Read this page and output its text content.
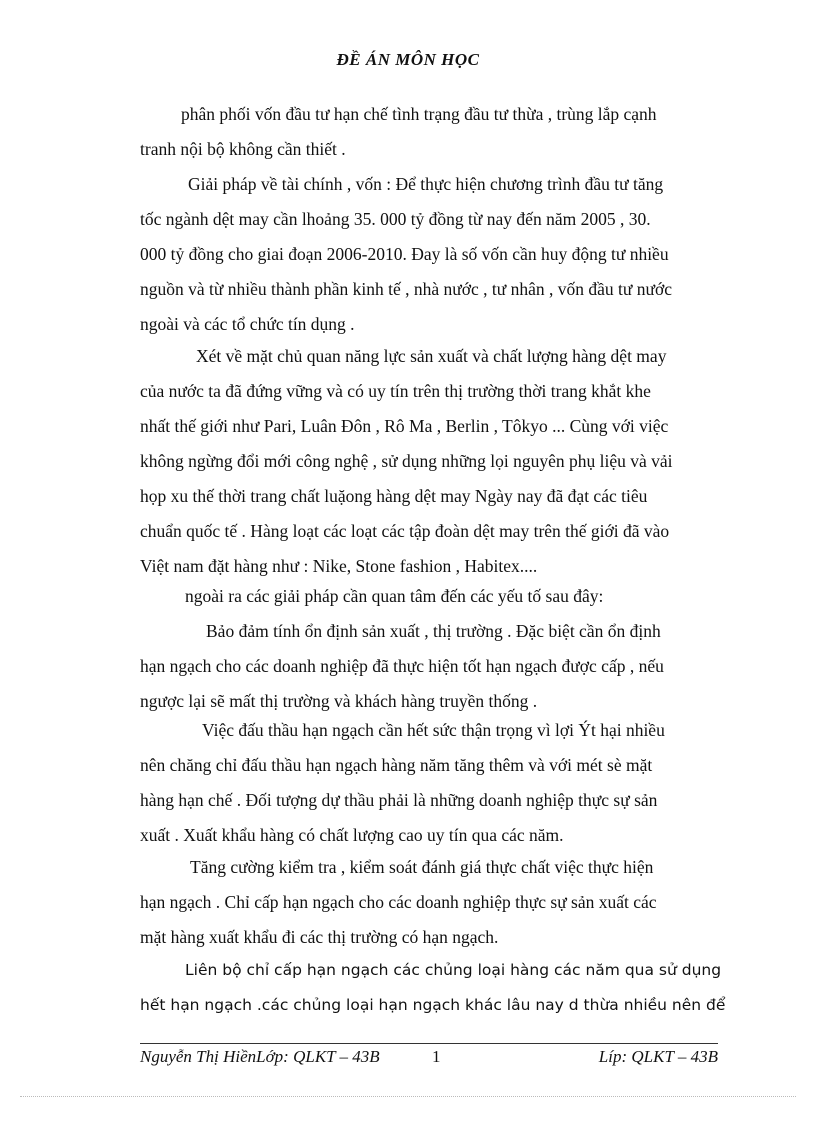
ĐỀ ÁN MÔN HỌC
phân phối vốn đầu tư hạn chế tình trạng đầu tư thừa , trùng lắp cạnh
tranh nội bộ không cần thiết .
Giải pháp về tài chính , vốn : Để thực hiện chương trình đầu tư tăng
tốc ngành dệt may cần lhoảng 35. 000 tỷ đồng từ nay đến năm 2005 , 30.
000 tỷ đồng cho giai đoạn 2006-2010. Đay là số vốn cần huy động tư nhiều
nguồn và từ nhiều thành phần kinh tế , nhà nước , tư nhân , vốn đầu tư nước
ngoài và các tổ chức tín dụng .
Xét về mặt chủ quan năng lực sản xuất và chất lượng hàng dệt may
của nước ta đã đứng vững và có uy tín trên thị trường thời trang khắt khe
nhất thế giới như Pari, Luân Đôn , Rô Ma , Berlin , Tôkyo ... Cùng với việc
không ngừng đổi mới công nghệ , sử dụng những lọi nguyên phụ liệu và vải
họp xu thế thời trang chất luặong hàng dệt may Ngày nay đã đạt các tiêu
chuẩn quốc tế . Hàng loạt các loạt các tập đoàn dệt may trên thế giới đã vào
Việt nam đặt hàng như : Nike, Stone fashion , Habitex....
ngoài ra các giải pháp cần quan tâm đến các yếu tố sau đây:
Bảo đảm tính ổn định sản xuất , thị trường . Đặc biệt cần ổn định
hạn ngạch cho các doanh nghiệp đã thực hiện tốt hạn ngạch được cấp , nếu
ngược lại sẽ mất thị trường và khách hàng truyền thống .
Việc đấu thầu hạn ngạch cần hết sức thận trọng vì lợi Ýt hại nhiều
nên chăng chỉ đấu thầu hạn ngạch hàng năm tăng thêm và với mét sè mặt
hàng hạn chế . Đối tượng dự thầu phải là những doanh nghiệp thực sự sản
xuất . Xuất khẩu hàng có chất lượng cao uy tín qua các năm.
Tăng cường kiểm tra , kiểm soát đánh giá thực chất việc thực hiện
hạn ngạch . Chỉ cấp hạn ngạch cho các doanh nghiệp thực sự sản xuất các
mặt hàng xuất khẩu đi các thị trường có hạn ngạch.
Liên bộ chỉ cấp hạn ngạch các chủng loại hàng các năm qua sử dụng
hết hạn ngạch .các chủng loại hạn ngạch khác lâu nay d thừa nhiều nên để
Nguyễn Thị HiềnLớp: QLKT – 43B	1	Líp: QLKT – 43B
